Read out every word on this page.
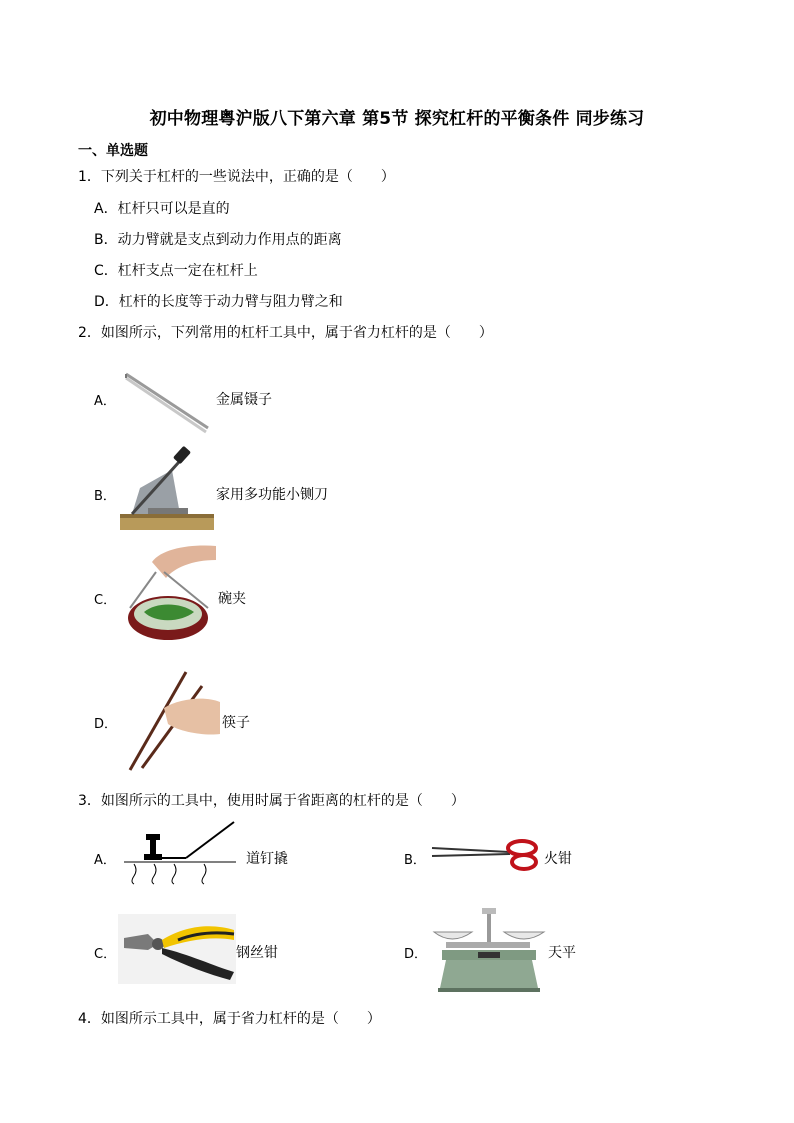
初中物理粤沪版八下第六章 第5节 探究杠杆的平衡条件 同步练习
一、单选题
1．下列关于杠杆的一些说法中，正确的是（　　）
A．杠杆只可以是直的
B．动力臂就是支点到动力作用点的距离
C．杠杆支点一定在杠杆上
D．杠杆的长度等于动力臂与阻力臂之和
2．如图所示，下列常用的杠杆工具中，属于省力杠杆的是（　　）
A．	金属镊子
B．	家用多功能小铡刀
C．	碗夹
D．	筷子
3．如图所示的工具中，使用时属于省距离的杠杆的是（　　）
A．	道钉撬	B．	火钳
C．	钢丝钳	D．	天平
4．如图所示工具中，属于省力杠杆的是（　　）
